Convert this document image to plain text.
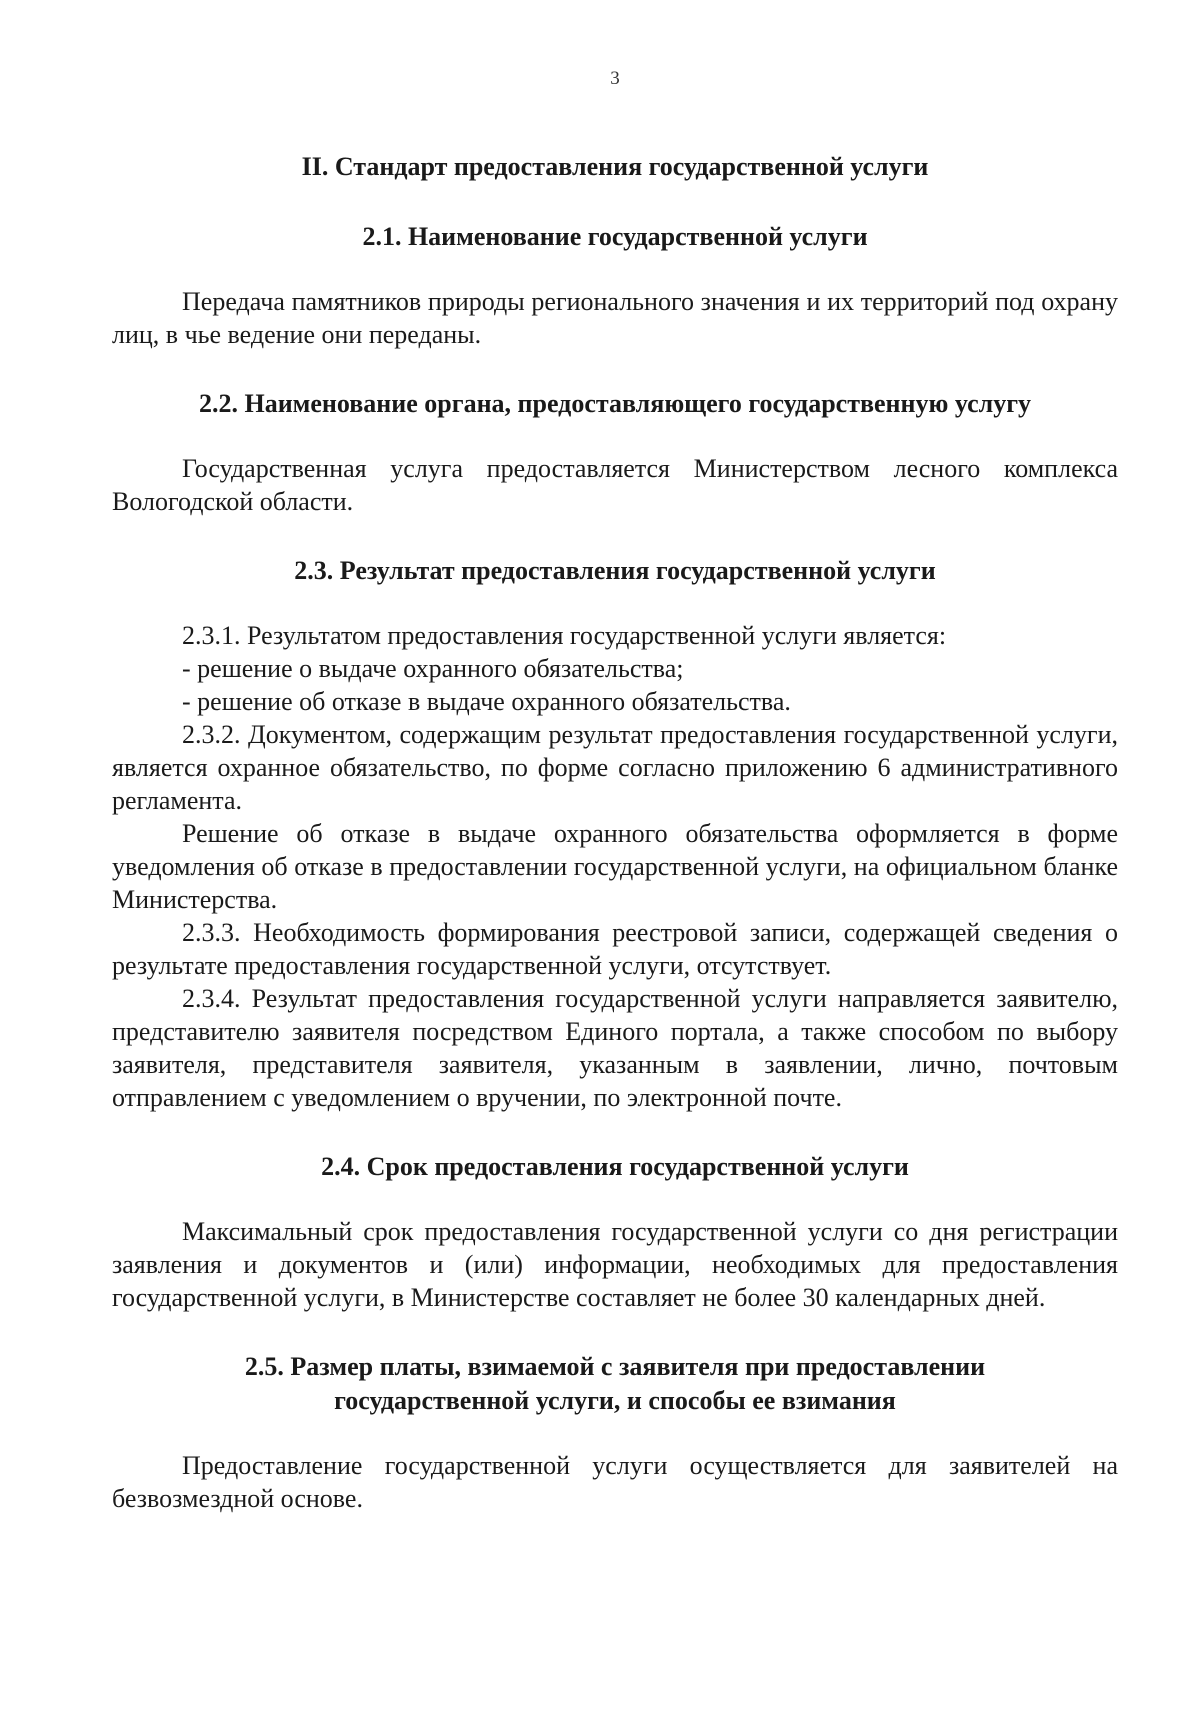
3
II. Стандарт предоставления государственной услуги
2.1. Наименование государственной услуги

Передача памятников природы регионального значения и их территорий под охрану лиц, в чье ведение они переданы.

2.2. Наименование органа, предоставляющего государственную услугу

Государственная услуга предоставляется Министерством лесного комплекса Вологодской области.

2.3. Результат предоставления государственной услуги

2.3.1. Результатом предоставления государственной услуги является:

- решение о выдаче охранного обязательства;

- решение об отказе в выдаче охранного обязательства.

2.3.2. Документом, содержащим результат предоставления государственной услуги, является охранное обязательство, по форме согласно приложению 6 административного регламента.

Решение об отказе в выдаче охранного обязательства оформляется в форме уведомления об отказе в предоставлении государственной услуги, на официальном бланке Министерства.

2.3.3. Необходимость формирования реестровой записи, содержащей сведения о результате предоставления государственной услуги, отсутствует.

2.3.4. Результат предоставления государственной услуги направляется заявителю, представителю заявителя посредством Единого портала, а также способом по выбору заявителя, представителя заявителя, указанным в заявлении, лично, почтовым отправлением с уведомлением о вручении, по электронной почте.

2.4. Срок предоставления государственной услуги

Максимальный срок предоставления государственной услуги со дня регистрации заявления и документов и (или) информации, необходимых для предоставления государственной услуги, в Министерстве составляет не более 30 календарных дней.

2.5. Размер платы, взимаемой с заявителя при предоставлении
государственной услуги, и способы ее взимания

Предоставление государственной услуги осуществляется для заявителей на безвозмездной основе.
